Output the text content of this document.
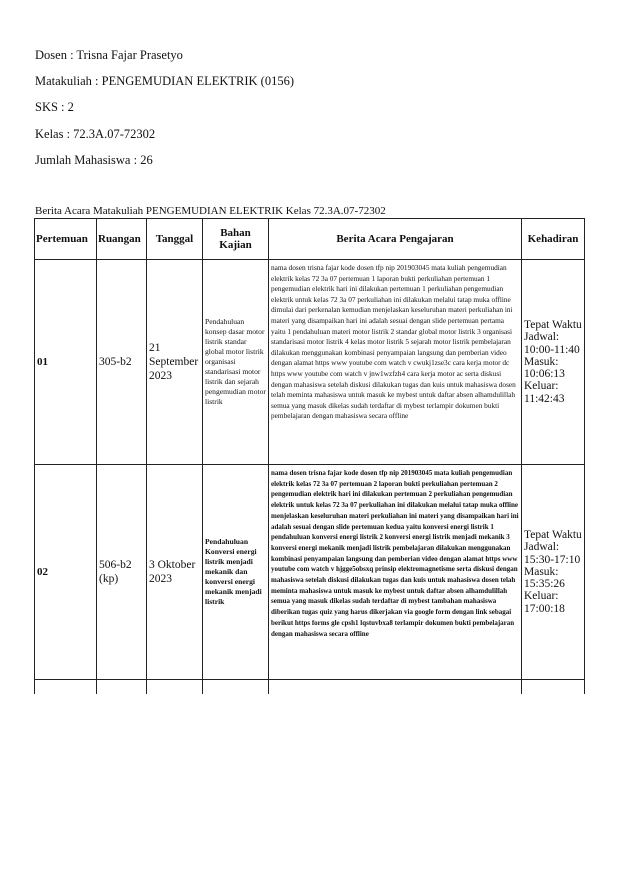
Dosen : Trisna Fajar Prasetyo
Matakuliah : PENGEMUDIAN ELEKTRIK (0156)
SKS : 2
Kelas : 72.3A.07-72302
Jumlah Mahasiswa : 26
Berita Acara Matakuliah PENGEMUDIAN ELEKTRIK Kelas 72.3A.07-72302
Pertemuan	Ruangan	Tanggal	Bahan Kajian	Berita Acara Pengajaran	Kehadiran
01	305-b2	21 September 2023	Pendahuluan konsep dasar motor listrik standar global motor listrik organisasi standarisasi motor listrik dan sejarah pengemudian motor listrik	nama dosen trisna fajar kode dosen tfp nip 201903045 mata kuliah pengemudian elektrik kelas 72 3a 07 pertemuan 1 laporan bukti perkuliahan pertemuan 1 pengemudian elektrik hari ini dilakukan pertemuan 1 perkuliahan pengemudian elektrik untuk kelas 72 3a 07 perkuliahan ini dilakukan melalui tatap muka offline dimulai dari perkenalan kemudian menjelaskan keseluruhan materi perkuliahan ini materi yang disampaikan hari ini adalah sesuai dengan slide pertemuan pertama yaitu 1 pendahuluan materi motor listrik 2 standar global motor listrik 3 organisasi standarisasi motor listrik 4 kelas motor listrik 5 sejarah motor listrik pembelajaran dilakukan menggunakan kombinasi penyampaian langsung dan pemberian video dengan alamat https www youtube com watch v cwukj1zse3c cara kerja motor dc https www youtube com watch v jnw1wzfzh4 cara kerja motor ac serta diskusi dengan mahasiswa setelah diskusi dilakukan tugas dan kuis untuk mahasiswa dosen telah meminta mahasiswa untuk masuk ke mybest untuk daftar absen alhamdulillah semua yang masuk dikelas sudah terdaftar di mybest terlampir dokumen bukti pembelajaran dengan mahasiswa secara offline	Tepat Waktu Jadwal: 10:00-11:40 Masuk: 10:06:13 Keluar: 11:42:43
02	506-b2 (kp)	3 Oktober 2023	Pendahuluan Konversi energi listrik menjadi mekanik dan konversi energi mekanik menjadi listrik	nama dosen trisna fajar kode dosen tfp nip 201903045 mata kuliah pengemudian elektrik kelas 72 3a 07 pertemuan 2 laporan bukti perkuliahan pertemuan 2 pengemudian elektrik hari ini dilakukan pertemuan 2 perkuliahan pengemudian elektrik untuk kelas 72 3a 07 perkuliahan ini dilakukan melalui tatap muka offline menjelaskan keseluruhan materi perkuliahan ini materi yang disampaikan hari ini adalah sesuai dengan slide pertemuan kedua yaitu konversi energi listrik 1 pendahuluan konversi energi listrik 2 konversi energi listrik menjadi mekanik 3 konversi energi mekanik menjadi listrik pembelajaran dilakukan menggunakan kombinasi penyampaian langsung dan pemberian video dengan alamat https www youtube com watch v hjgge5obsxq prinsip elektromagnetisme serta diskusi dengan mahasiswa setelah diskusi dilakukan tugas dan kuis untuk mahasiswa dosen telah meminta mahasiswa untuk masuk ke mybest untuk daftar absen alhamdulillah semua yang masuk dikelas sudah terdaftar di mybest tambahan mahasiswa diberikan tugas quiz yang harus dikerjakan via google form dengan link sebagai berikut https forms gle cpsh1 lqstuvbxa8 terlampir dokumen bukti pembelajaran dengan mahasiswa secara offline	Tepat Waktu Jadwal: 15:30-17:10 Masuk: 15:35:26 Keluar: 17:00:18
